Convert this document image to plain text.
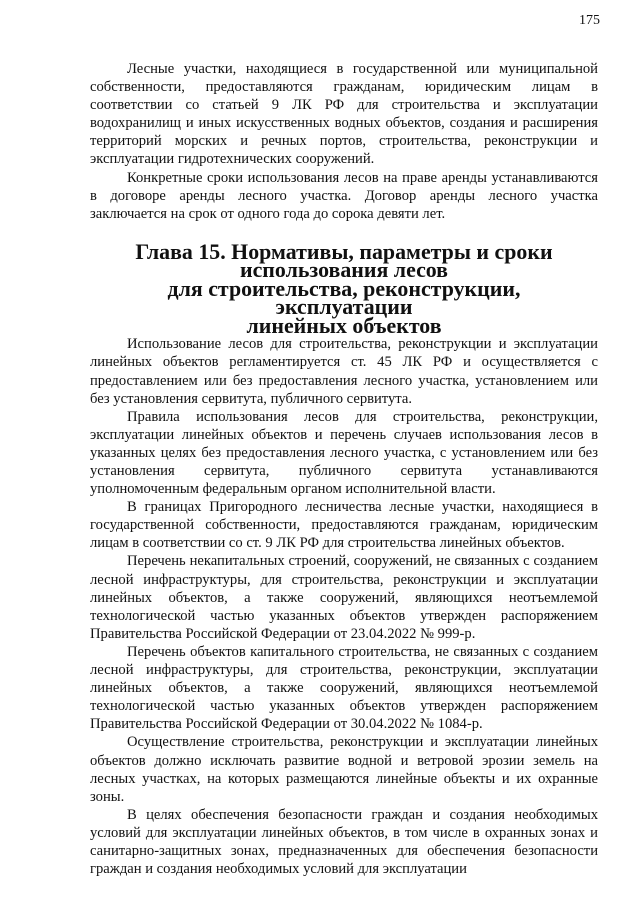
175

Лесные участки, находящиеся в государственной или муниципальной собственности, предоставляются гражданам, юридическим лицам в соответствии со статьей 9 ЛК РФ для строительства и эксплуатации водохранилищ и иных искусственных водных объектов, создания и расширения территорий морских и речных портов, строительства, реконструкции и эксплуатации гидротехнических сооружений.

Конкретные сроки использования лесов на праве аренды устанавливаются в договоре аренды лесного участка. Договор аренды лесного участка заключается на срок от одного года до сорока девяти лет.

Глава 15. Нормативы, параметры и сроки использования лесов
для строительства, реконструкции, эксплуатации
линейных объектов

Использование лесов для строительства, реконструкции и эксплуатации линейных объектов регламентируется ст. 45 ЛК РФ и осуществляется с предоставлением или без предоставления лесного участка, установлением или без установления сервитута, публичного сервитута.

Правила использования лесов для строительства, реконструкции, эксплуатации линейных объектов и перечень случаев использования лесов в указанных целях без предоставления лесного участка, с установлением или без установления сервитута, публичного сервитута устанавливаются уполномоченным федеральным органом исполнительной власти.

В границах Пригородного лесничества лесные участки, находящиеся в государственной собственности, предоставляются гражданам, юридическим лицам в соответствии со ст. 9 ЛК РФ для строительства линейных объектов.

Перечень некапитальных строений, сооружений, не связанных с созданием лесной инфраструктуры, для строительства, реконструкции и эксплуатации линейных объектов, а также сооружений, являющихся неотъемлемой технологической частью указанных объектов утвержден распоряжением Правительства Российской Федерации от 23.04.2022 № 999-р.

Перечень объектов капитального строительства, не связанных с созданием лесной инфраструктуры, для строительства, реконструкции, эксплуатации линейных объектов, а также сооружений, являющихся неотъемлемой технологической частью указанных объектов утвержден распоряжением Правительства Российской Федерации от 30.04.2022 № 1084-р.

Осуществление строительства, реконструкции и эксплуатации линейных объектов должно исключать развитие водной и ветровой эрозии земель на лесных участках, на которых размещаются линейные объекты и их охранные зоны.

В целях обеспечения безопасности граждан и создания необходимых условий для эксплуатации линейных объектов, в том числе в охранных зонах и санитарно-защитных зонах, предназначенных для обеспечения безопасности граждан и создания необходимых условий для эксплуатации
